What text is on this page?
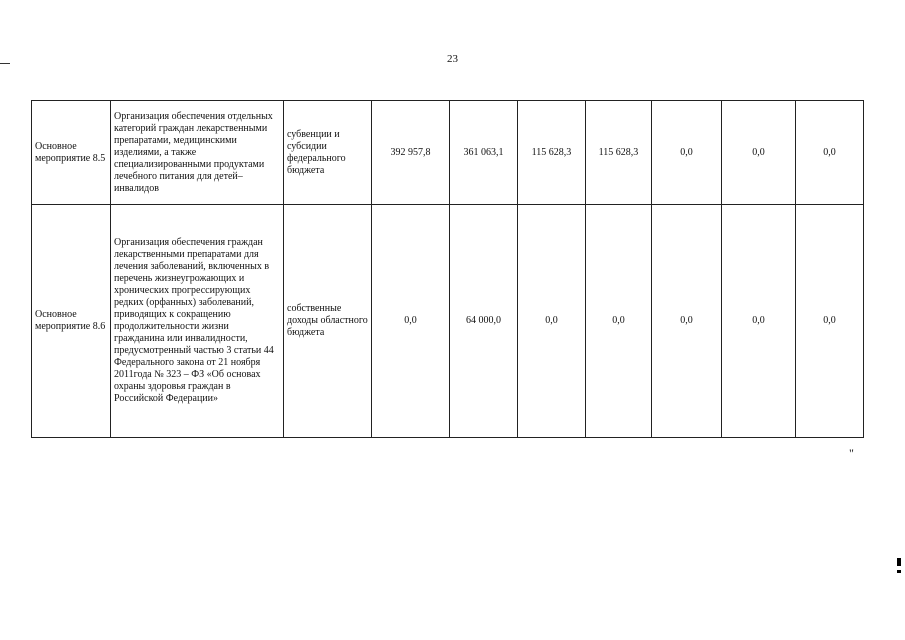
23
Основное мероприятие 8.5	Организация обеспечения отдельных категорий граждан лекарственными препаратами, медицинскими изделиями, а также специализированными продуктами лечебного питания для детей–инвалидов	субвенции и субсидии федерального бюджета	392 957,8	361 063,1	115 628,3	115 628,3	0,0	0,0	0,0
Основное мероприятие 8.6	Организация обеспечения граждан лекарственными препаратами для лечения заболеваний, включенных в перечень жизнеугрожающих и хронических прогрессирующих редких (орфанных) заболеваний, приводящих к сокращению продолжительности жизни гражданина или инвалидности, предусмотренный частью 3 статьи 44 Федерального закона от 21 ноября 2011года № 323 – ФЗ «Об основах охраны здоровья граждан в Российской Федерации»	собственные доходы областного бюджета	0,0	64 000,0	0,0	0,0	0,0	0,0	0,0
"
